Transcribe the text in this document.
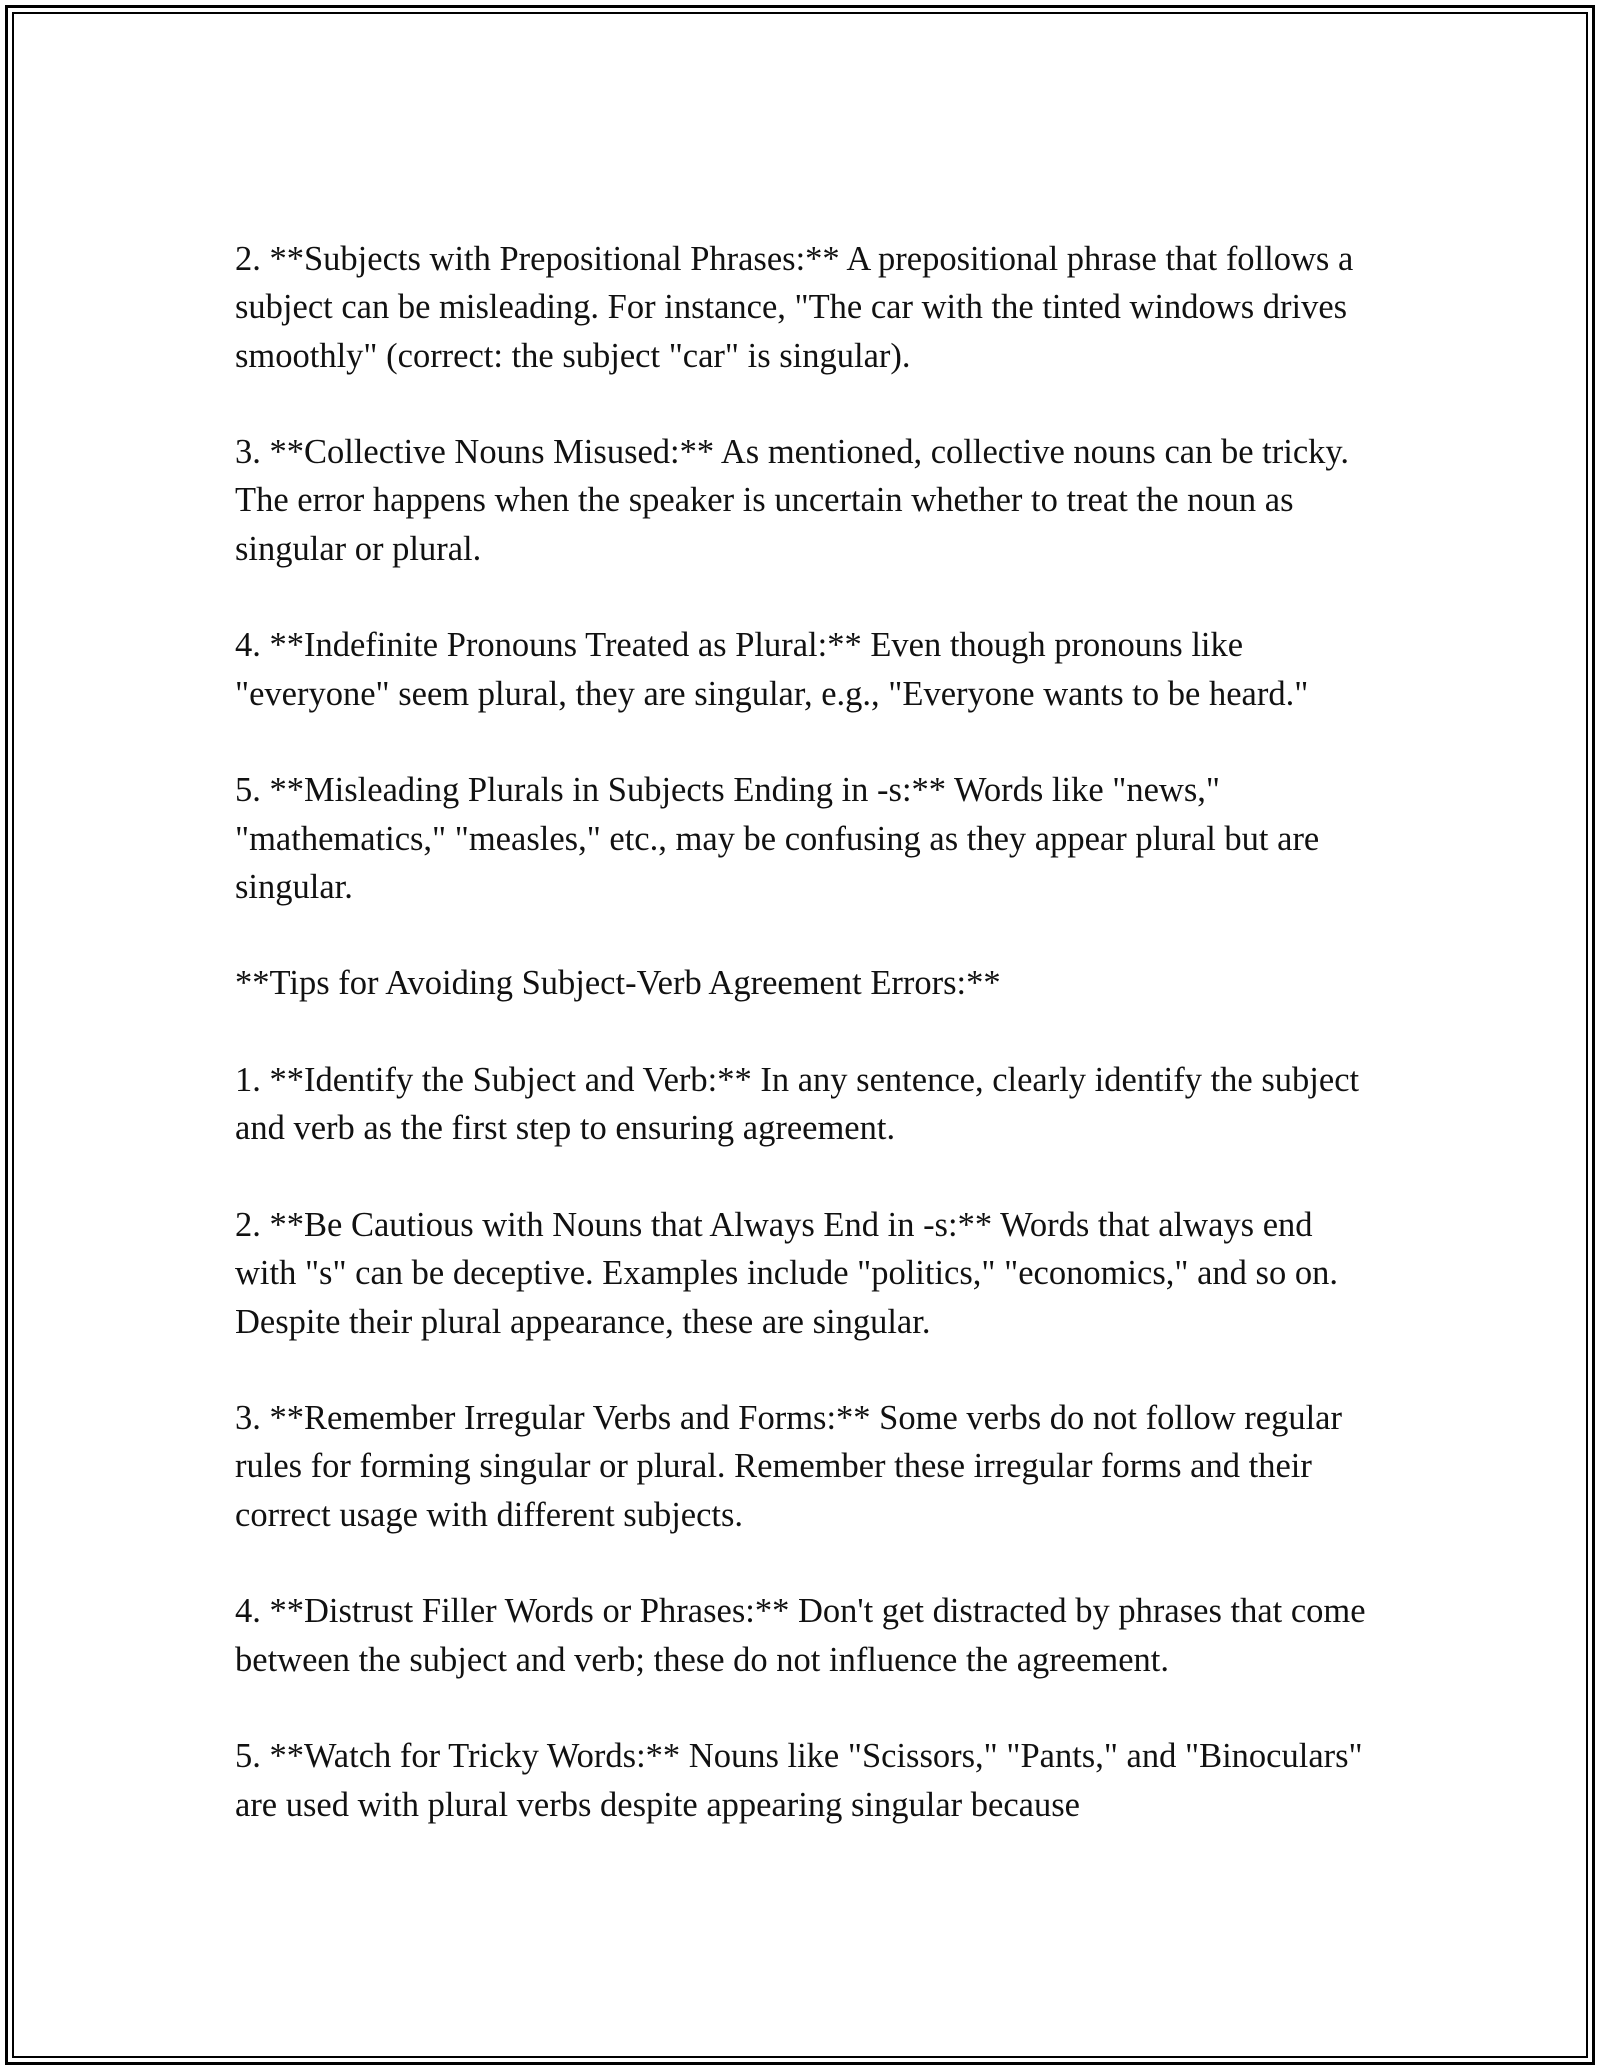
2. **Subjects with Prepositional Phrases:** A prepositional phrase that follows a subject can be misleading. For instance, "The car with the tinted windows drives smoothly" (correct: the subject "car" is singular).

3. **Collective Nouns Misused:** As mentioned, collective nouns can be tricky. The error happens when the speaker is uncertain whether to treat the noun as singular or plural.

4. **Indefinite Pronouns Treated as Plural:** Even though pronouns like "everyone" seem plural, they are singular, e.g., "Everyone wants to be heard."

5. **Misleading Plurals in Subjects Ending in -s:** Words like "news," "mathematics," "measles," etc., may be confusing as they appear plural but are singular.

**Tips for Avoiding Subject-Verb Agreement Errors:**

1. **Identify the Subject and Verb:** In any sentence, clearly identify the subject and verb as the first step to ensuring agreement.

2. **Be Cautious with Nouns that Always End in -s:** Words that always end with "s" can be deceptive. Examples include "politics," "economics," and so on. Despite their plural appearance, these are singular.

3. **Remember Irregular Verbs and Forms:** Some verbs do not follow regular rules for forming singular or plural. Remember these irregular forms and their correct usage with different subjects.

4. **Distrust Filler Words or Phrases:** Don't get distracted by phrases that come between the subject and verb; these do not influence the agreement.

5. **Watch for Tricky Words:** Nouns like "Scissors," "Pants," and "Binoculars" are used with plural verbs despite appearing singular because
